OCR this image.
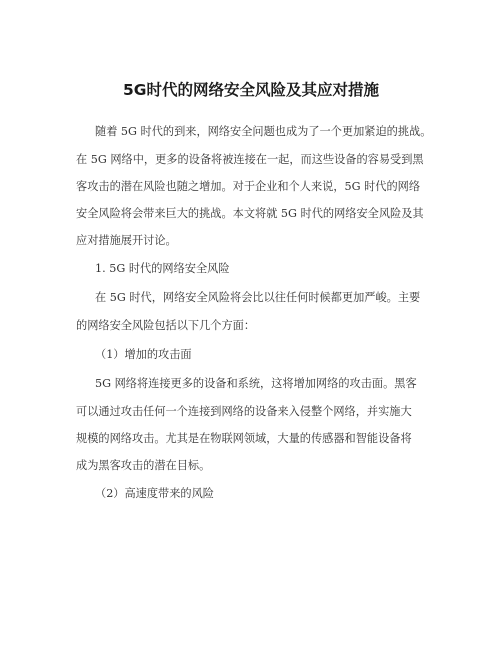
5G时代的网络安全风险及其应对措施
随着 5G 时代的到来，网络安全问题也成为了一个更加紧迫的挑战。
在 5G 网络中，更多的设备将被连接在一起，而这些设备的容易受到黑
客攻击的潜在风险也随之增加。对于企业和个人来说，5G 时代的网络
安全风险将会带来巨大的挑战。本文将就 5G 时代的网络安全风险及其
应对措施展开讨论。
1. 5G 时代的网络安全风险
在 5G 时代，网络安全风险将会比以往任何时候都更加严峻。主要
的网络安全风险包括以下几个方面：
（1）增加的攻击面
5G 网络将连接更多的设备和系统，这将增加网络的攻击面。黑客
可以通过攻击任何一个连接到网络的设备来入侵整个网络，并实施大
规模的网络攻击。尤其是在物联网领域，大量的传感器和智能设备将
成为黑客攻击的潜在目标。
（2）高速度带来的风险
